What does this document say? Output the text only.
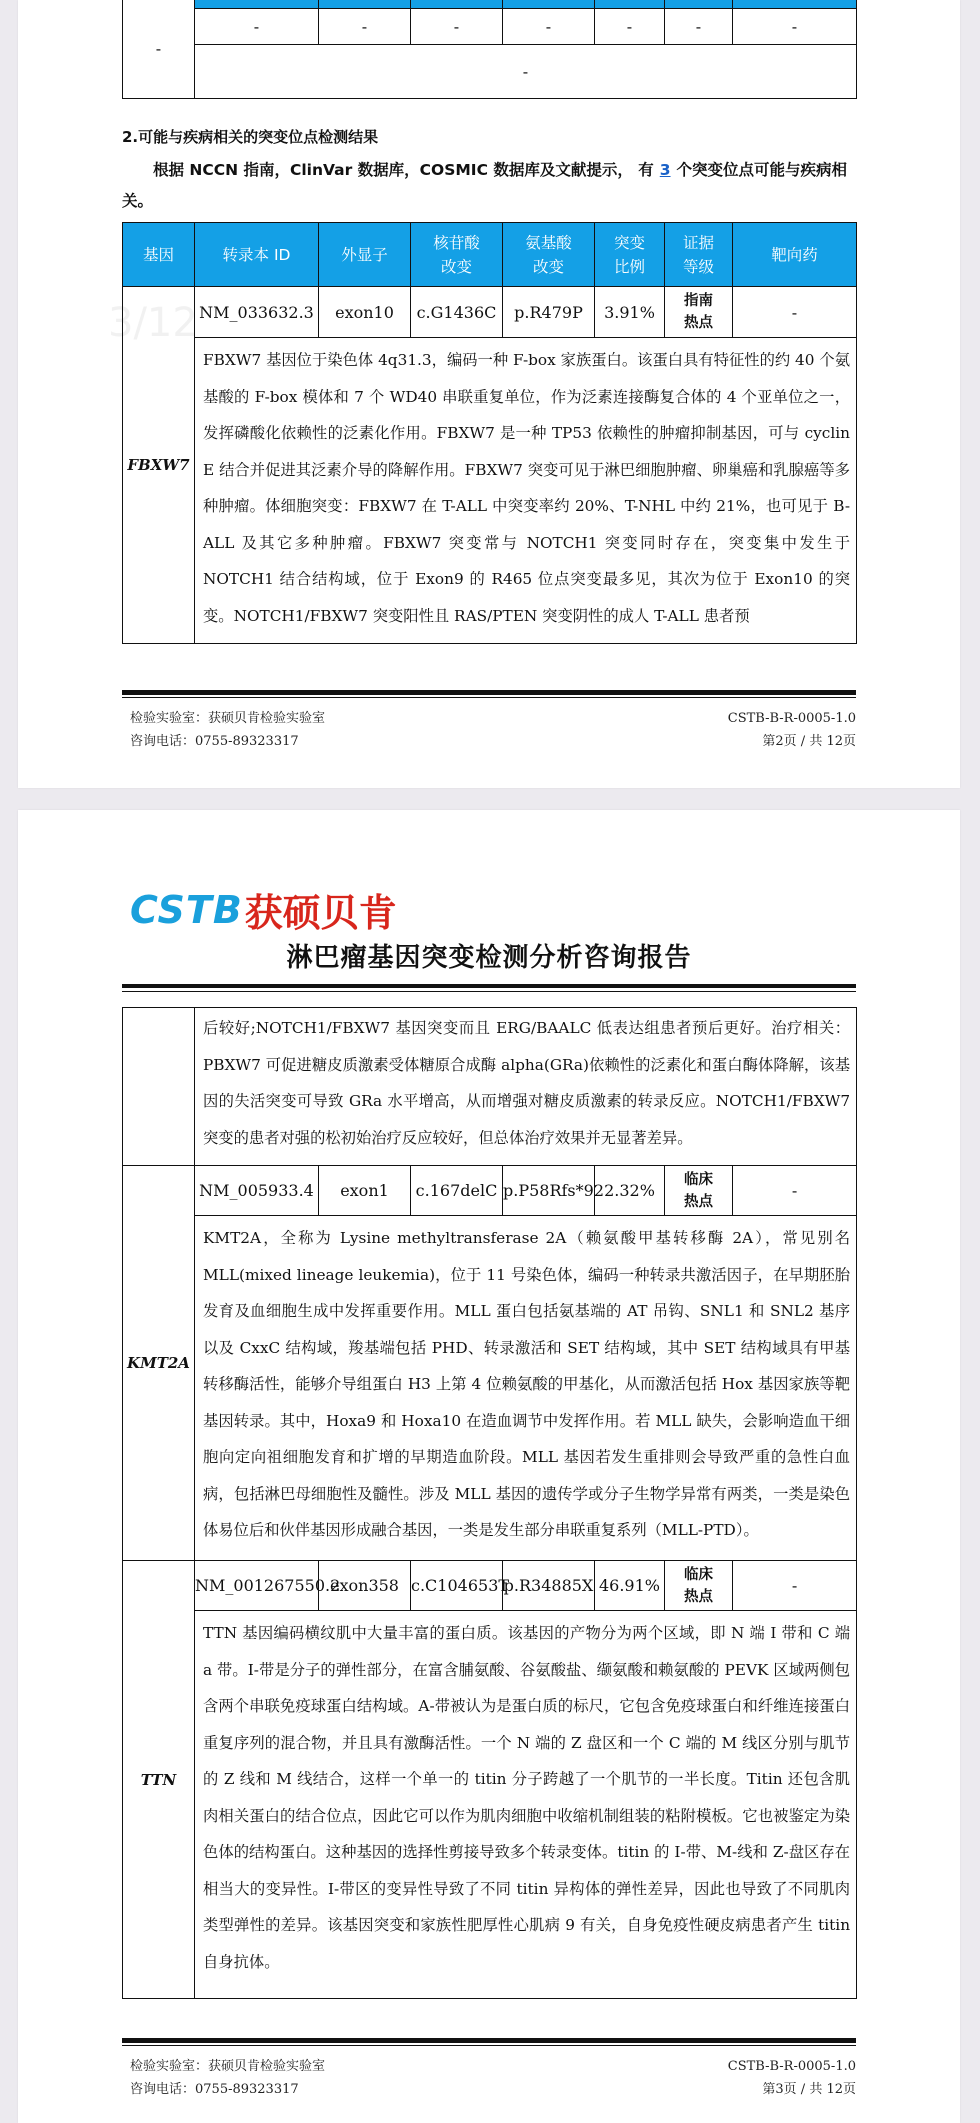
3/12
-							
	-	-	-	-	-	-	-
	-						
2.可能与疾病相关的突变位点检测结果
根据 NCCN 指南，ClinVar 数据库，COSMIC 数据库及文献提示， 有 3 个突变位点可能与疾病相关。
基因	转录本 ID	外显子	核苷酸改变	氨基酸改变	突变比例	证据等级	靶向药
FBXW7	NM_033632.3	exon10	c.G1436C	p.R479P	3.91%	指南热点	-
	FBXW7 基因位于染色体 4q31.3，编码一种 F-box 家族蛋白。该蛋白具有特征性的约 40 个氨基酸的 F-box 模体和 7 个 WD40 串联重复单位，作为泛素连接酶复合体的 4 个亚单位之一，发挥磷酸化依赖性的泛素化作用。FBXW7 是一种 TP53 依赖性的肿瘤抑制基因，可与 cyclin E 结合并促进其泛素介导的降解作用。FBXW7 突变可见于淋巴细胞肿瘤、卵巢癌和乳腺癌等多种肿瘤。体细胞突变：FBXW7 在 T-ALL 中突变率约 20%、T-NHL 中约 21%，也可见于 B-ALL 及其它多种肿瘤。FBXW7 突变常与 NOTCH1 突变同时存在，突变集中发生于 NOTCH1 结合结构域，位于 Exon9 的 R465 位点突变最多见，其次为位于 Exon10 的突变。NOTCH1/FBXW7 突变阳性且 RAS/PTEN 突变阴性的成人 T-ALL 患者预						
检验实验室：获硕贝肯检验实验室
咨询电话：0755-89323317
CSTB-B-R-0005-1.0
第2页 / 共 12页
CSTB 获硕贝肯
淋巴瘤基因突变检测分析咨询报告
	后较好;NOTCH1/FBXW7 基因突变而且 ERG/BAALC 低表达组患者预后更好。治疗相关：PBXW7 可促进糖皮质激素受体糖原合成酶 alpha(GRa)依赖性的泛素化和蛋白酶体降解，该基因的失活突变可导致 GRa 水平增高，从而增强对糖皮质激素的转录反应。NOTCH1/FBXW7 突变的患者对强的松初始治疗反应较好，但总体治疗效果并无显著差异。						
KMT2A	NM_005933.4	exon1	c.167delC	p.P58Rfs*92	2.32%	临床热点	-
	KMT2A，全称为 Lysine methyltransferase 2A（赖氨酸甲基转移酶 2A），常见别名 MLL(mixed lineage leukemia)，位于 11 号染色体，编码一种转录共激活因子，在早期胚胎发育及血细胞生成中发挥重要作用。MLL 蛋白包括氨基端的 AT 吊钩、SNL1 和 SNL2 基序以及 CxxC 结构域，羧基端包括 PHD、转录激活和 SET 结构域，其中 SET 结构域具有甲基转移酶活性，能够介导组蛋白 H3 上第 4 位赖氨酸的甲基化，从而激活包括 Hox 基因家族等靶基因转录。其中，Hoxa9 和 Hoxa10 在造血调节中发挥作用。若 MLL 缺失，会影响造血干细胞向定向祖细胞发育和扩增的早期造血阶段。MLL 基因若发生重排则会导致严重的急性白血病，包括淋巴母细胞性及髓性。涉及 MLL 基因的遗传学或分子生物学异常有两类，一类是染色体易位后和伙伴基因形成融合基因，一类是发生部分串联重复系列（MLL-PTD）。						
TTN	NM_001267550.2	exon358	c.C104653T	p.R34885X	46.91%	临床热点	-
	TTN 基因编码横纹肌中大量丰富的蛋白质。该基因的产物分为两个区域，即 N 端 I 带和 C 端 a 带。I-带是分子的弹性部分，在富含脯氨酸、谷氨酸盐、缬氨酸和赖氨酸的 PEVK 区域两侧包含两个串联免疫球蛋白结构域。A-带被认为是蛋白质的标尺，它包含免疫球蛋白和纤维连接蛋白重复序列的混合物，并且具有激酶活性。一个 N 端的 Z 盘区和一个 C 端的 M 线区分别与肌节的 Z 线和 M 线结合，这样一个单一的 titin 分子跨越了一个肌节的一半长度。Titin 还包含肌肉相关蛋白的结合位点，因此它可以作为肌肉细胞中收缩机制组装的粘附模板。它也被鉴定为染色体的结构蛋白。这种基因的选择性剪接导致多个转录变体。titin 的 I-带、M-线和 Z-盘区存在相当大的变异性。I-带区的变异性导致了不同 titin 异构体的弹性差异，因此也导致了不同肌肉类型弹性的差异。该基因突变和家族性肥厚性心肌病 9 有关，自身免疫性硬皮病患者产生 titin 自身抗体。						
检验实验室：获硕贝肯检验实验室
咨询电话：0755-89323317
CSTB-B-R-0005-1.0
第3页 / 共 12页
